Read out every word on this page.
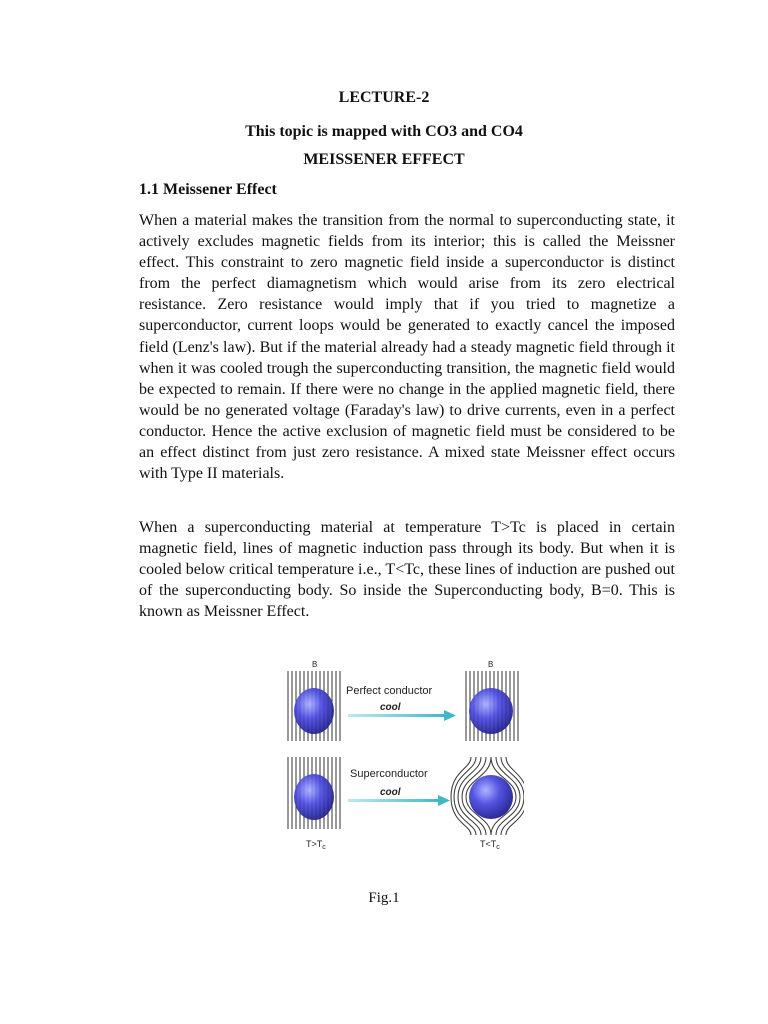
LECTURE-2
This topic is mapped with CO3 and CO4
MEISSENER EFFECT
1.1 Meissener Effect

When a material makes the transition from the normal to superconducting state, it actively excludes magnetic fields from its interior; this is called the Meissner effect. This constraint to zero magnetic field inside a superconductor is distinct from the perfect diamagnetism which would arise from its zero electrical resistance. Zero resistance would imply that if you tried to magnetize a superconductor, current loops would be generated to exactly cancel the imposed field (Lenz's law). But if the material already had a steady magnetic field through it when it was cooled trough the superconducting transition, the magnetic field would be expected to remain. If there were no change in the applied magnetic field, there would be no generated voltage (Faraday's law) to drive currents, even in a perfect conductor. Hence the active exclusion of magnetic field must be considered to be an effect distinct from just zero resistance. A mixed state Meissner effect occurs with Type II materials.

When a superconducting material at temperature T>Tc is placed in certain magnetic field, lines of magnetic induction pass through its body. But when it is cooled below critical temperature i.e., T<Tc, these lines of induction are pushed out of the superconducting body. So inside the Superconducting body, B=0. This is known as Meissner Effect.

B	B
Perfect conductor
cool
Superconductor
cool
$T>T_c$	$T<T_c$
Fig.1
